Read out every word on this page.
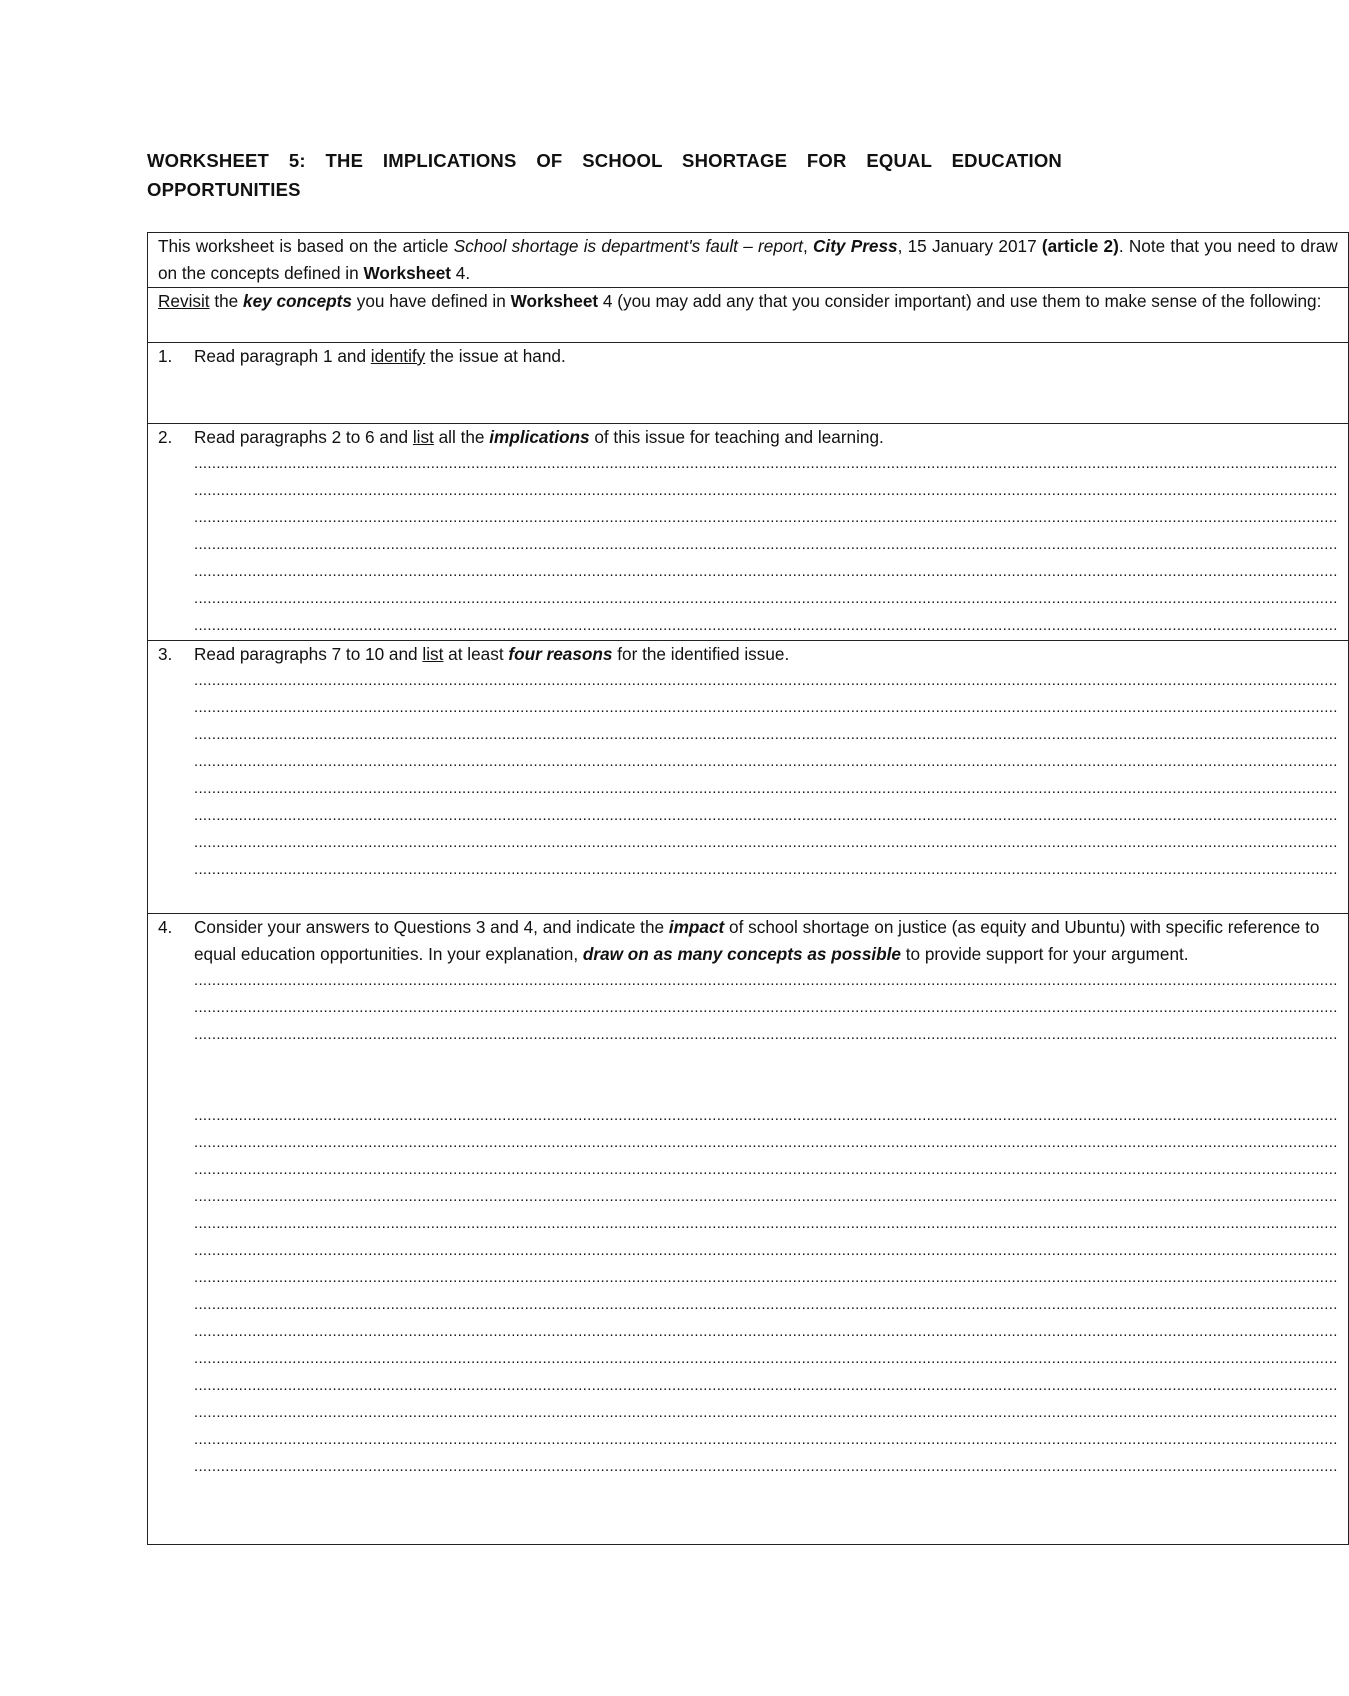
WORKSHEET 5: THE IMPLICATIONS OF SCHOOL SHORTAGE FOR EQUAL EDUCATION OPPORTUNITIES
This worksheet is based on the article School shortage is department's fault – report, City Press, 15 January 2017 (article 2). Note that you need to draw on the concepts defined in Worksheet 4.
Revisit the key concepts you have defined in Worksheet 4 (you may add any that you consider important) and use them to make sense of the following:

1.	Read paragraph 1 and identify the issue at hand.

2.	Read paragraphs 2 to 6 and list all the implications of this issue for teaching and learning.
................................................................................................................................................................................................................................................................
................................................................................................................................................................................................................................................................
................................................................................................................................................................................................................................................................
................................................................................................................................................................................................................................................................
................................................................................................................................................................................................................................................................
................................................................................................................................................................................................................................................................
................................................................................................................................................................................................................................................................

3.	Read paragraphs 7 to 10 and list at least four reasons for the identified issue.
................................................................................................................................................................................................................................................................
................................................................................................................................................................................................................................................................
................................................................................................................................................................................................................................................................
................................................................................................................................................................................................................................................................
................................................................................................................................................................................................................................................................
................................................................................................................................................................................................................................................................
................................................................................................................................................................................................................................................................
................................................................................................................................................................................................................................................................

4.	Consider your answers to Questions 3 and 4, and indicate the impact of school shortage on justice (as equity and Ubuntu) with specific reference to equal education opportunities. In your explanation, draw on as many concepts as possible to provide support for your argument.
................................................................................................................................................................................................................................................................
................................................................................................................................................................................................................................................................
................................................................................................................................................................................................................................................................
................................................................................................................................................................................................................................................................
................................................................................................................................................................................................................................................................
................................................................................................................................................................................................................................................................
................................................................................................................................................................................................................................................................
................................................................................................................................................................................................................................................................
................................................................................................................................................................................................................................................................
................................................................................................................................................................................................................................................................
................................................................................................................................................................................................................................................................
................................................................................................................................................................................................................................................................
................................................................................................................................................................................................................................................................
................................................................................................................................................................................................................................................................
................................................................................................................................................................................................................................................................
................................................................................................................................................................................................................................................................
................................................................................................................................................................................................................................................................
